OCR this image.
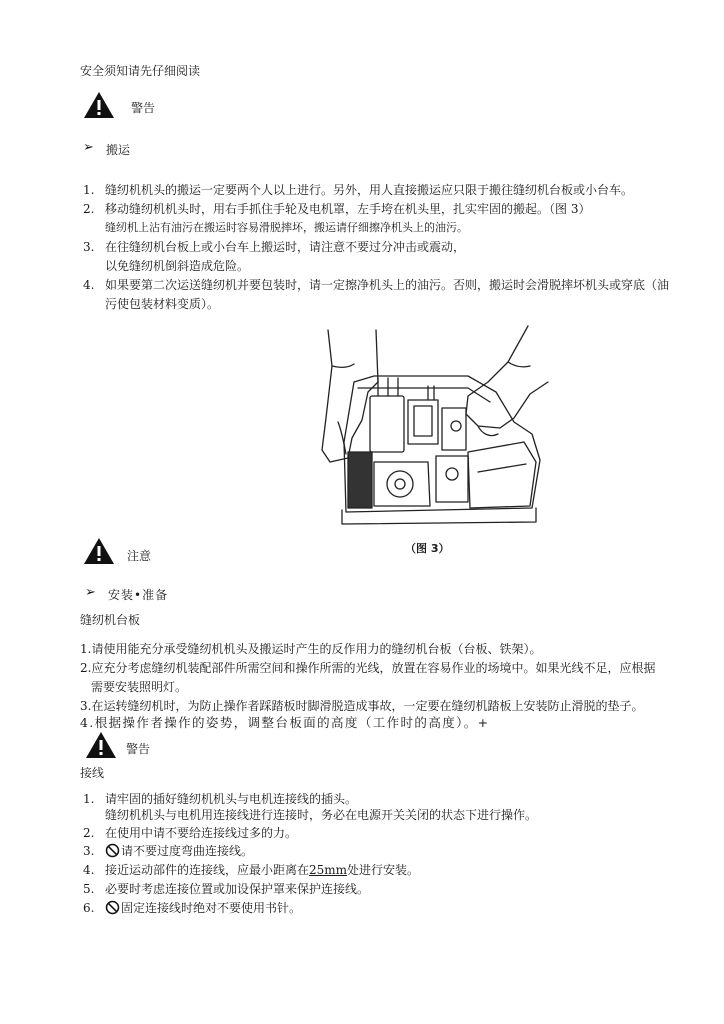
安全须知请先仔细阅读
警告
➢ 搬运
1. 缝纫机机头的搬运一定要两个人以上进行。另外，用人直接搬运应只限于搬往缝纫机台板或小台车。
2. 移动缝纫机机头时，用右手抓住手轮及电机罩，左手垮在机头里，扎实牢固的搬起。（图 3）
缝纫机上沾有油污在搬运时容易滑脱摔坏，搬运请仔细擦净机头上的油污。
3. 在往缝纫机台板上或小台车上搬运时，请注意不要过分冲击或震动，
以免缝纫机倒斜造成危险。
4. 如果要第二次运送缝纫机并要包装时，请一定擦净机头上的油污。否则，搬运时会滑脱摔坏机头或穿底（油
污使包装材料变质）。
（图 3）
注意
➢ 安装•准备
缝纫机台板
1.请使用能充分承受缝纫机机头及搬运时产生的反作用力的缝纫机台板（台板、铁架）。
2.应充分考虑缝纫机装配部件所需空间和操作所需的光线，放置在容易作业的场境中。如果光线不足，应根据
需要安装照明灯。
3.在运转缝纫机时，为防止操作者踩踏板时脚滑脱造成事故，一定要在缝纫机踏板上安装防止滑脱的垫子。
4.根据操作者操作的姿势，调整台板面的高度（工作时的高度）。+
警告
接线
1. 请牢固的插好缝纫机机头与电机连接线的插头。
缝纫机机头与电机用连接线进行连接时，务必在电源开关关闭的状态下进行操作。
2. 在使用中请不要给连接线过多的力。
3. 请不要过度弯曲连接线。
4. 接近运动部件的连接线，应最小距离在25mm处进行安装。
5. 必要时考虑连接位置或加设保护罩来保护连接线。
6. 固定连接线时绝对不要使用书针。
